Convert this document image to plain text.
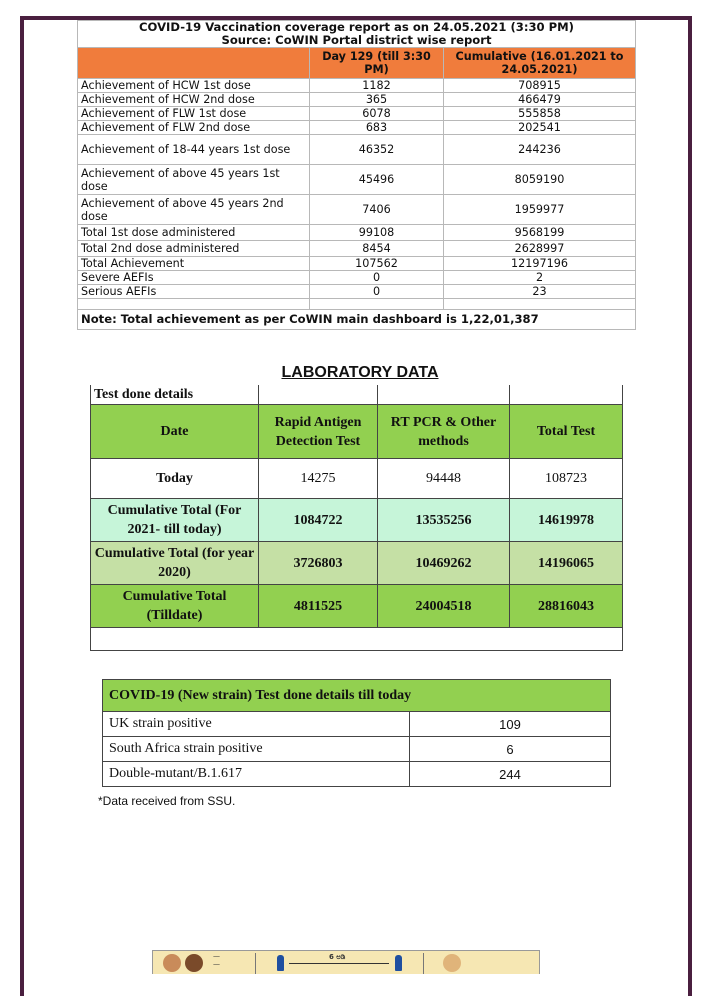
COVID-19 Vaccination coverage report as on 24.05.2021 (3:30 PM)
Source: CoWIN Portal district wise report		

	Day 129 (till 3:30 PM)	Cumulative (16.01.2021 to 24.05.2021)
Achievement of HCW 1st dose	1182	708915
Achievement of HCW 2nd dose	365	466479
Achievement of FLW 1st dose	6078	555858
Achievement of FLW 2nd dose	683	202541
Achievement of 18-44 years 1st dose	46352	244236
Achievement of above 45 years 1st dose	45496	8059190
Achievement of above 45 years 2nd dose	7406	1959977
Total 1st dose administered	99108	9568199
Total 2nd dose administered	8454	2628997
Total Achievement	107562	12197196
Severe AEFIs	0	2
Serious AEFIs	0	23

Note: Total achievement as per CoWIN main dashboard is 1,22,01,387		
LABORATORY DATA
Test done details			
Date	Rapid Antigen Detection Test	RT PCR & Other methods	Total Test
Today	14275	94448	108723
Cumulative Total (For 2021- till today)	1084722	13535256	14619978
Cumulative Total (for year 2020)	3726803	10469262	14196065
Cumulative Total (Tilldate)	4811525	24004518	28816043

COVID-19 (New strain) Test done details till today	
UK strain positive	109
South Africa strain positive	6
Double-mutant/B.1.617	244
*Data received from SSU.
—
—
6 ಅಡಿ
